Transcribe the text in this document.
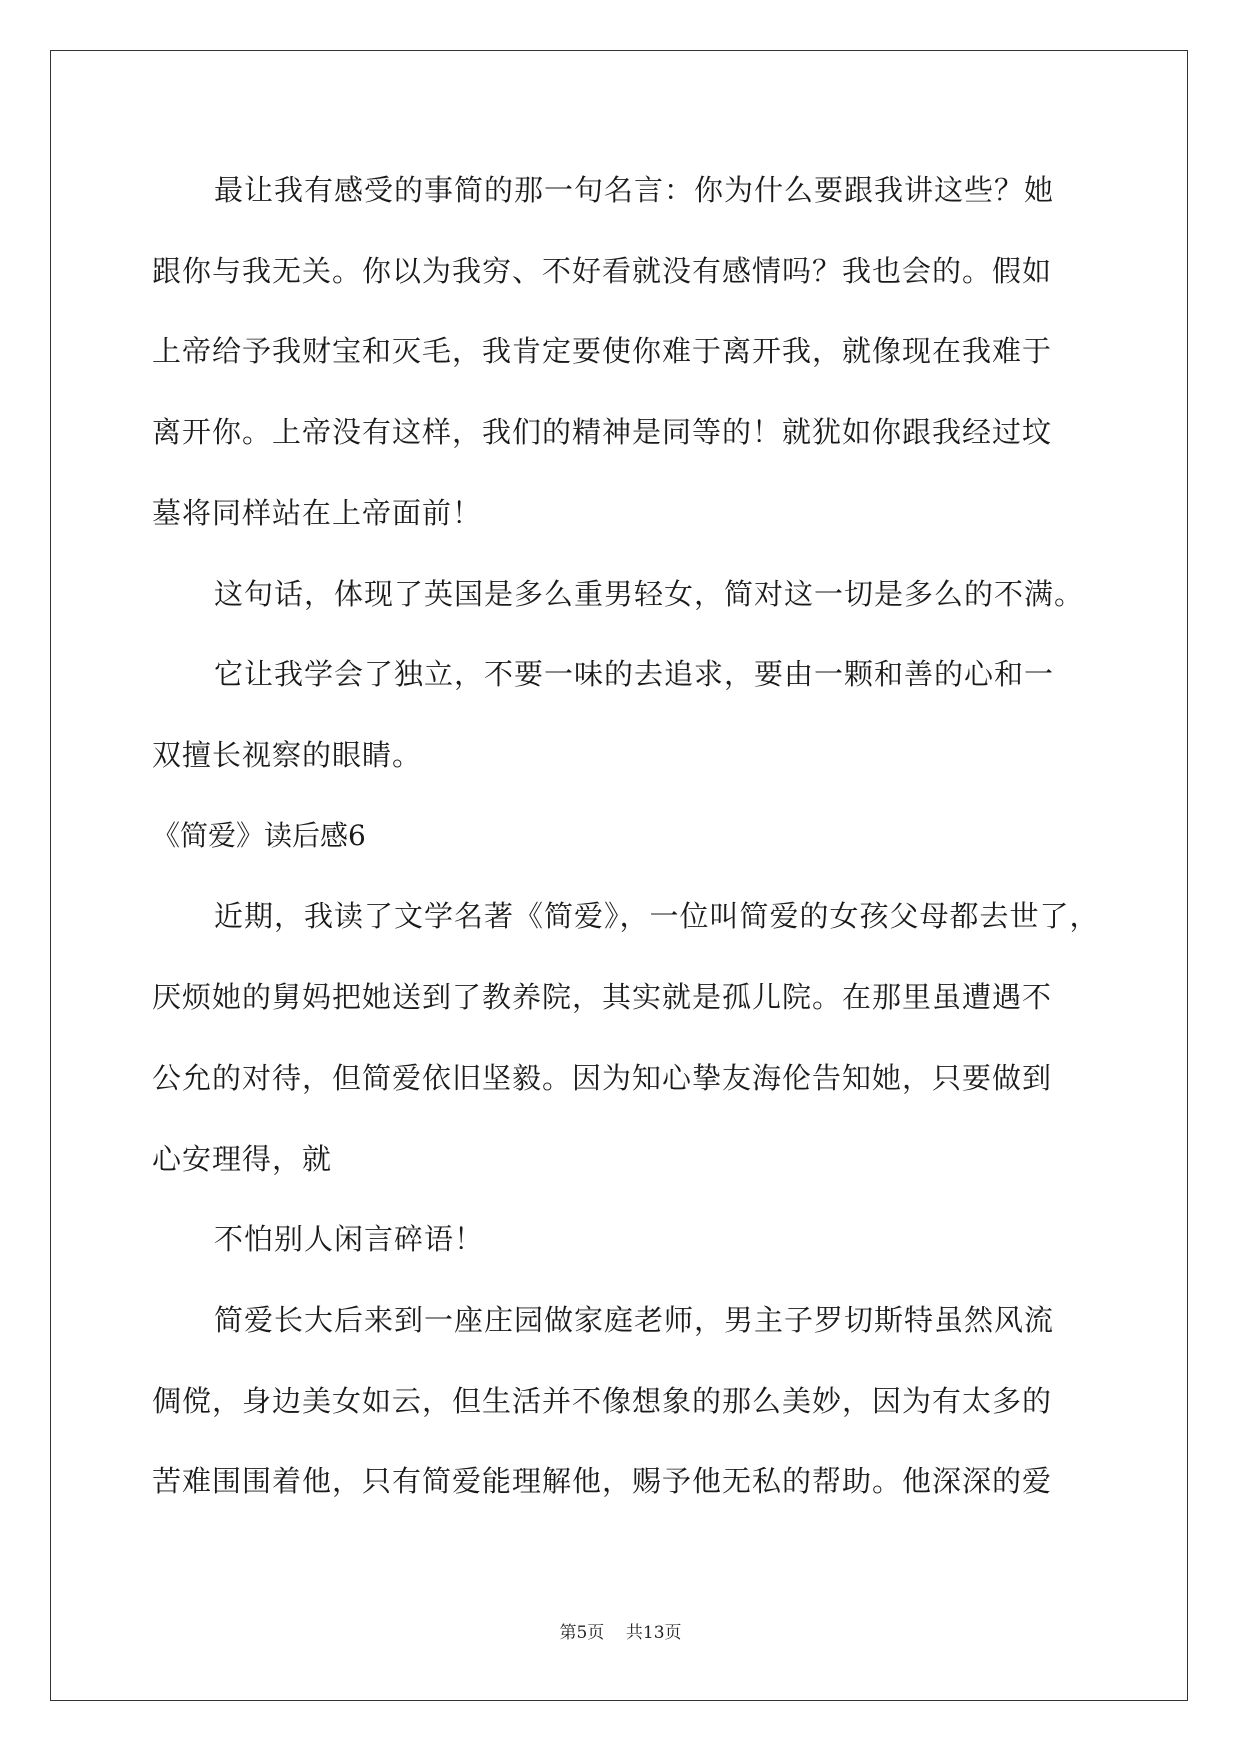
最让我有感受的事简的那一句名言：你为什么要跟我讲这些？她
跟你与我无关。你以为我穷、不好看就没有感情吗？我也会的。假如
上帝给予我财宝和灭毛，我肯定要使你难于离开我，就像现在我难于
离开你。上帝没有这样，我们的精神是同等的！就犹如你跟我经过坟
墓将同样站在上帝面前！
这句话，体现了英国是多么重男轻女，简对这一切是多么的不满。
它让我学会了独立，不要一味的去追求，要由一颗和善的心和一
双擅长视察的眼睛。
《简爱》读后感6
近期，我读了文学名著《简爱》，一位叫简爱的女孩父母都去世了，
厌烦她的舅妈把她送到了教养院，其实就是孤儿院。在那里虽遭遇不
公允的对待，但简爱依旧坚毅。因为知心挚友海伦告知她，只要做到
心安理得，就
不怕别人闲言碎语！
简爱长大后来到一座庄园做家庭老师，男主子罗切斯特虽然风流
倜傥，身边美女如云，但生活并不像想象的那么美妙，因为有太多的
苦难围围着他，只有简爱能理解他，赐予他无私的帮助。他深深的爱
第5页 共13页
